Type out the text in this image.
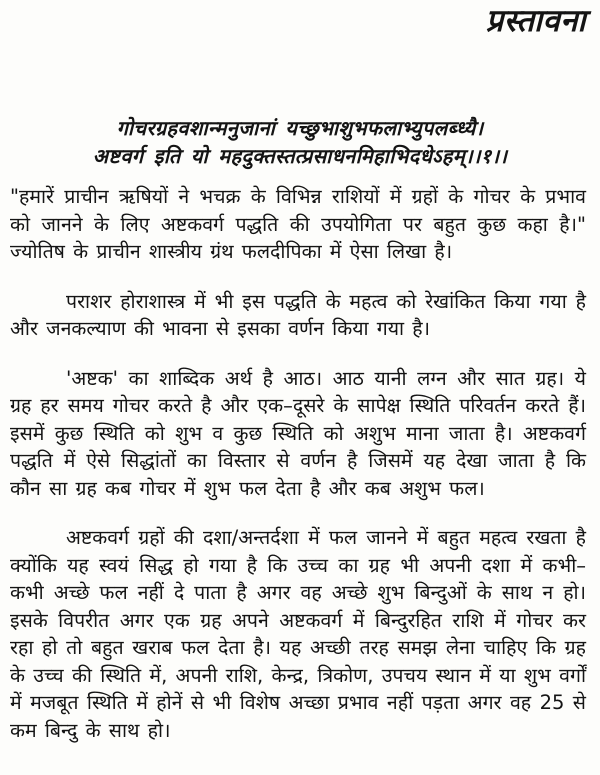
प्रस्तावना
गोचरग्रहवशान्मनुजानां यच्छुभाशुभफलाभ्युपलब्ध्यै।
अष्टवर्ग इति यो महदुक्तस्तत्प्रसाधनमिहाभिदधेऽहम्।।१।।

"हमारें प्राचीन ऋषियों ने भचक्र के विभिन्न राशियों में ग्रहों के गोचर के प्रभाव को जानने के लिए अष्टकवर्ग पद्धति की उपयोगिता पर बहुत कुछ कहा है।" ज्योतिष के प्राचीन शास्त्रीय ग्रंथ फलदीपिका में ऐसा लिखा है।

पराशर होराशास्त्र में भी इस पद्धति के महत्व को रेखांकित किया गया है और जनकल्याण की भावना से इसका वर्णन किया गया है।

'अष्टक' का शाब्दिक अर्थ है आठ। आठ यानी लग्न और सात ग्रह। ये ग्रह हर समय गोचर करते है और एक–दूसरे के सापेक्ष स्थिति परिवर्तन करते हैं। इसमें कुछ स्थिति को शुभ व कुछ स्थिति को अशुभ माना जाता है। अष्टकवर्ग पद्धति में ऐसे सिद्धांतों का विस्तार से वर्णन है जिसमें यह देखा जाता है कि कौन सा ग्रह कब गोचर में शुभ फल देता है और कब अशुभ फल।

अष्टकवर्ग ग्रहों की दशा/अन्तर्दशा में फल जानने में बहुत महत्व रखता है क्योंकि यह स्वयं सिद्ध हो गया है कि उच्च का ग्रह भी अपनी दशा में कभी–कभी अच्छे फल नहीं दे पाता है अगर वह अच्छे शुभ बिन्दुओं के साथ न हो। इसके विपरीत अगर एक ग्रह अपने अष्टकवर्ग में बिन्दुरहित राशि में गोचर कर रहा हो तो बहुत खराब फल देता है। यह अच्छी तरह समझ लेना चाहिए कि ग्रह के उच्च की स्थिति में, अपनी राशि, केन्द्र, त्रिकोण, उपचय स्थान में या शुभ वर्गों में मजबूत स्थिति में होनें से भी विशेष अच्छा प्रभाव नहीं पड़ता अगर वह 25 से कम बिन्दु के साथ हो।
